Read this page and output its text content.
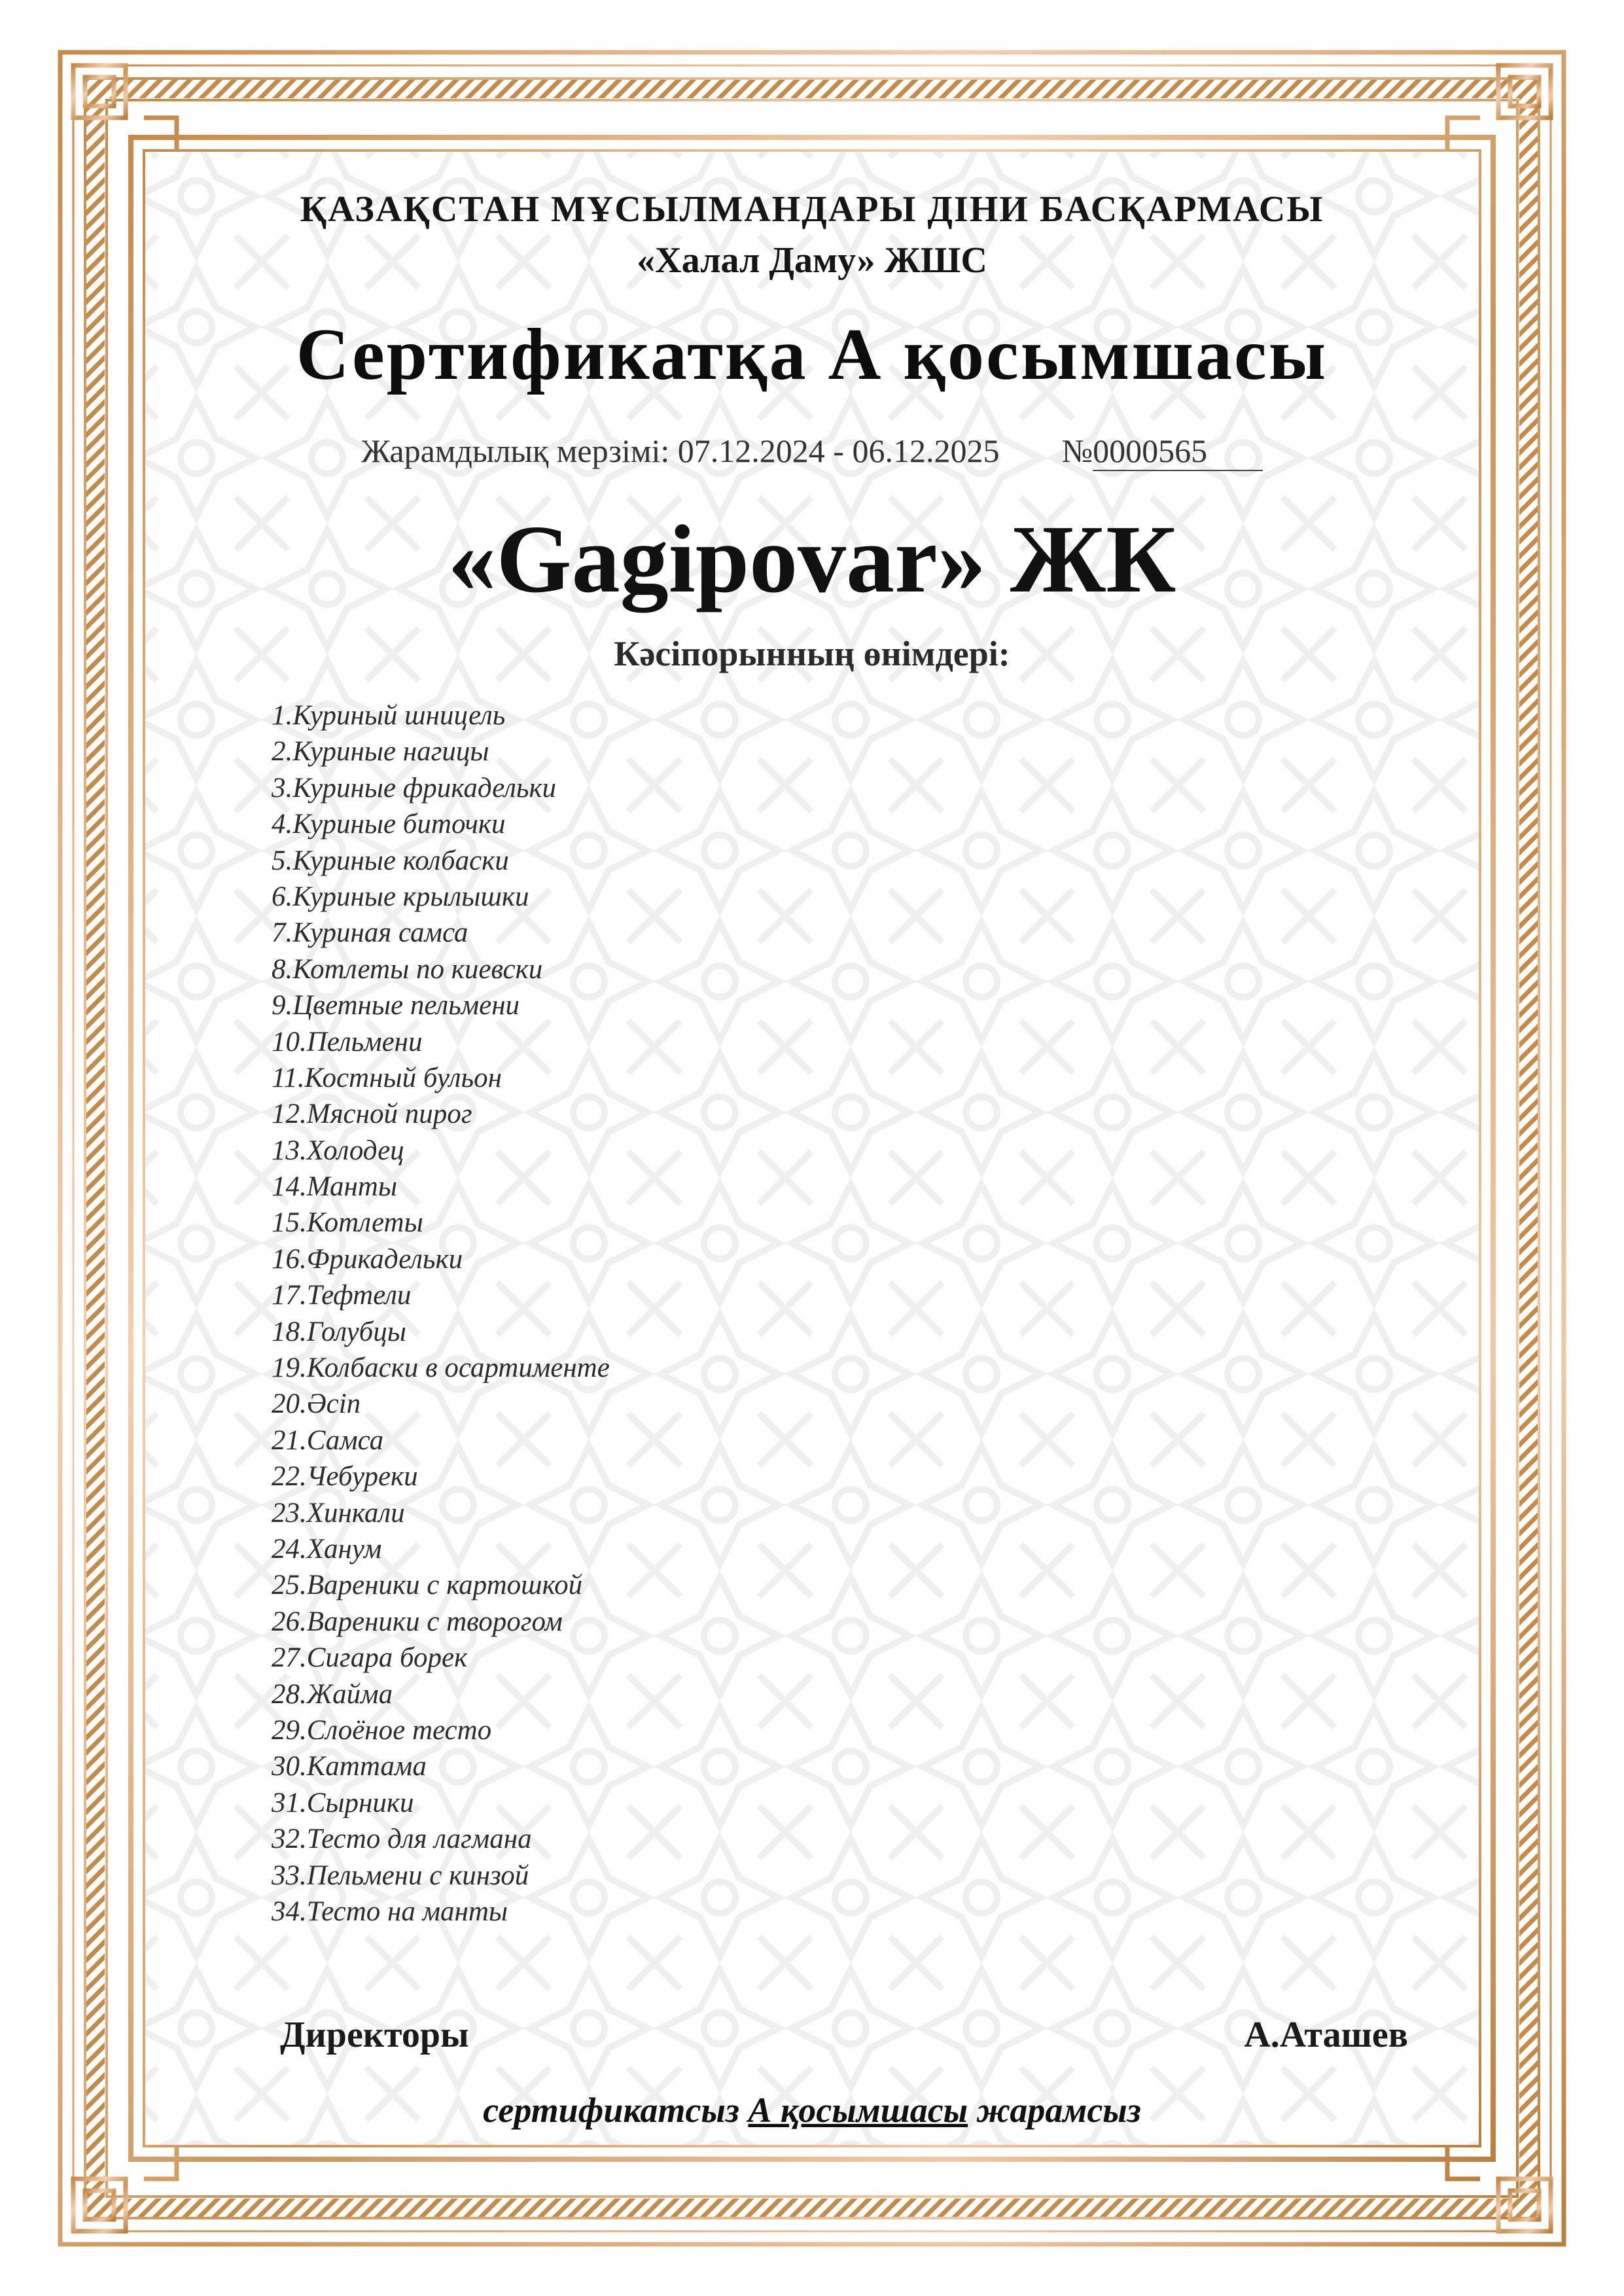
ҚАЗАҚСТАН МҰСЫЛМАНДАРЫ ДІНИ БАСҚАРМАСЫ
«Халал Даму» ЖШС
Сертификатқа А қосымшасы
Жарамдылық мерзімі: 07.12.2024 - 06.12.2025 №0000565
«Gagipovar» ЖК
Кәсіпорынның өнімдері:
1.Куриный шницель
2.Куриные нагицы
3.Куриные фрикадельки
4.Куриные биточки
5.Куриные колбаски
6.Куриные крылышки
7.Куриная самса
8.Котлеты по киевски
9.Цветные пельмени
10.Пельмени
11.Костный бульон
12.Мясной пирог
13.Холодец
14.Манты
15.Котлеты
16.Фрикадельки
17.Тефтели
18.Голубцы
19.Колбаски в осартименте
20.Әсіп
21.Самса
22.Чебуреки
23.Хинкали
24.Ханум
25.Вареники с картошкой
26.Вареники с творогом
27.Сигара борек
28.Жайма
29.Слоёное тесто
30.Каттама
31.Сырники
32.Тесто для лагмана
33.Пельмени с кинзой
34.Тесто на манты
Директоры	А.Аташев
сертификатсыз А қосымшасы жарамсыз
